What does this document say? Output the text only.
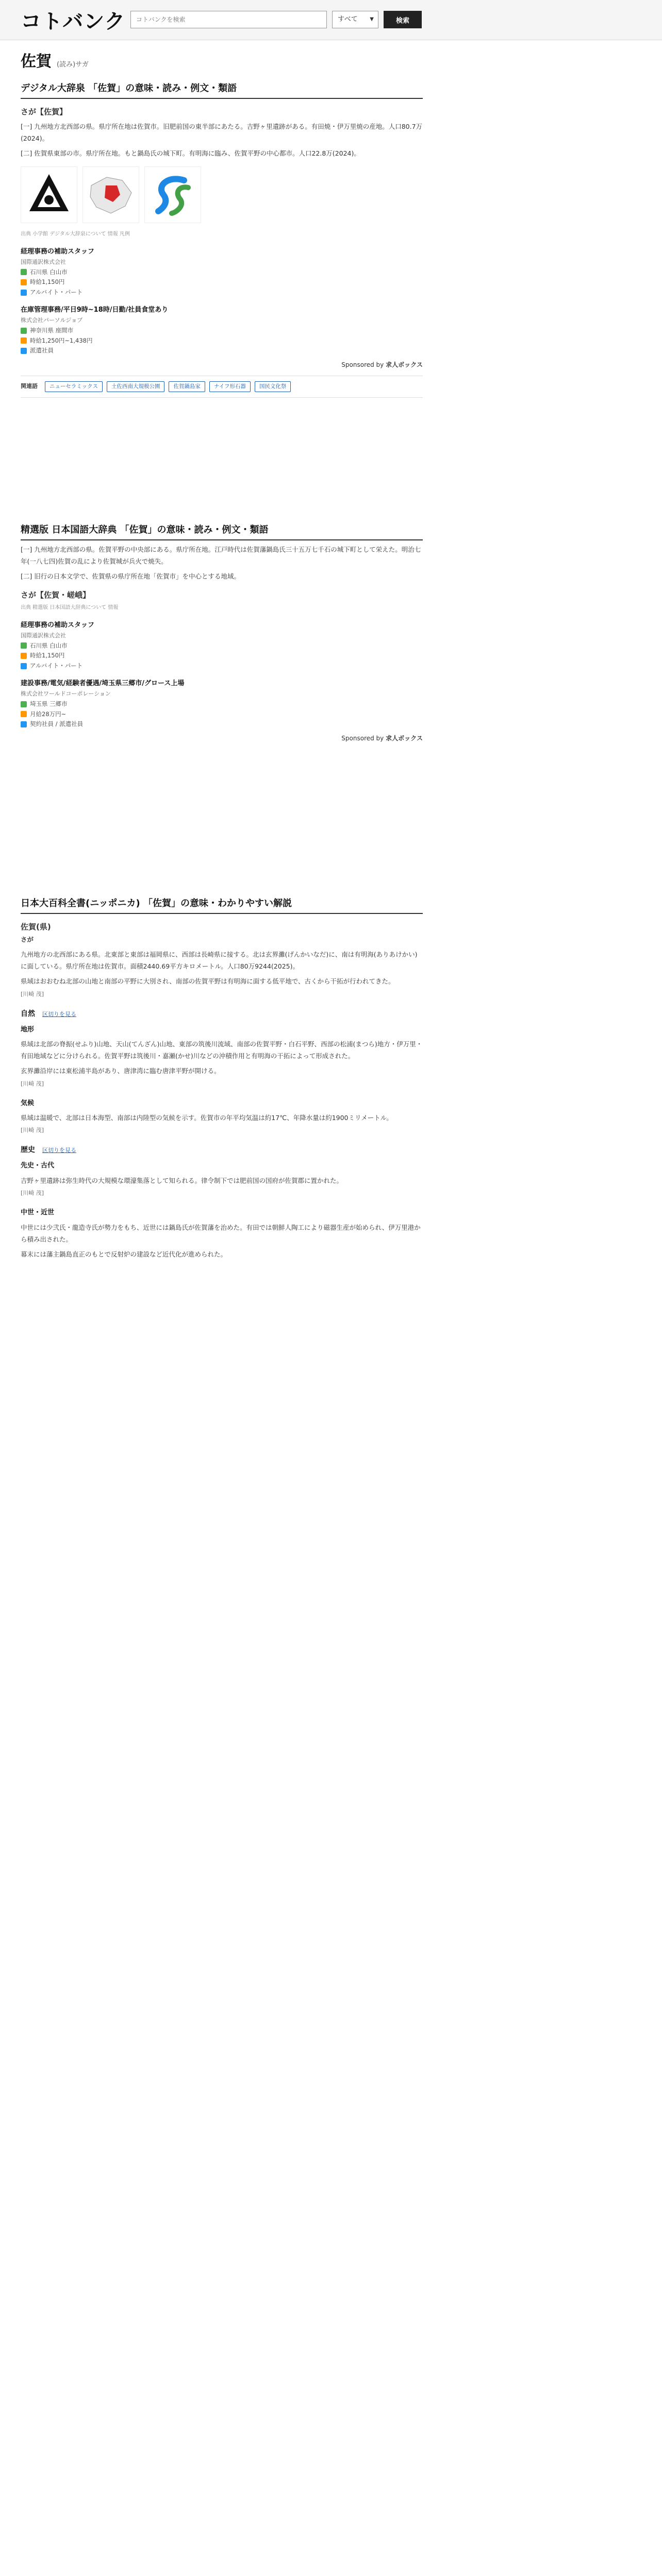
コトバンク
コトバンクを検索	すべて ▼	検索
佐賀 (読み)サガ
デジタル大辞泉 「佐賀」の意味・読み・例文・類語
さが【佐賀】
[一] 九州地方北西部の県。県庁所在地は佐賀市。旧肥前国の東半部にあたる。吉野ヶ里遺跡がある。有田焼・伊万里焼の産地。人口80.7万(2024)。
[二] 佐賀県東部の市。県庁所在地。もと鍋島氏の城下町。有明海に臨み、佐賀平野の中心都市。人口22.8万(2024)。
出典 小学館 デジタル大辞泉について 情報 凡例
経理事務の補助スタッフ
国際通訳株式会社
石川県 白山市
時給1,150円
アルバイト・パート
在庫管理事務/平日9時~18時/日勤/社員食堂あり
株式会社パーソルジョブ
神奈川県 座間市
時給1,250円~1,438円
派遣社員
Sponsored by 求人ボックス
関連語	ニューセラミックス	土佐西南大規模公園	佐賀鍋島家	ナイフ形石器	国民文化祭
精選版 日本国語大辞典 「佐賀」の意味・読み・例文・類語
[一] 九州地方北西部の県。佐賀平野の中央部にある。県庁所在地。江戸時代は佐賀藩鍋島氏三十五万七千石の城下町として栄えた。明治七年(一八七四)佐賀の乱により佐賀城が兵火で焼失。
[二] 旧行の日本文学で、佐賀県の県庁所在地「佐賀市」を中心とする地域。
さが【佐賀・嵯峨】
出典 精選版 日本国語大辞典について 情報
経理事務の補助スタッフ
国際通訳株式会社
石川県 白山市
時給1,150円
アルバイト・パート
建設事務/電気/経験者優遇/埼玉県三郷市/グロース上場
株式会社ワールドコーポレーション
埼玉県 三郷市
月給28万円~
契約社員 / 派遣社員
Sponsored by 求人ボックス
日本大百科全書(ニッポニカ) 「佐賀」の意味・わかりやすい解説
佐賀(県)
さが
九州地方の北西部にある県。北東部と東部は福岡県に、西部は長崎県に接する。北は玄界灘(げんかいなだ)に、南は有明海(ありあけかい)に面している。県庁所在地は佐賀市。面積2440.69平方キロメートル。人口80万9244(2025)。
県域はおおむね北部の山地と南部の平野に大別され、南部の佐賀平野は有明海に面する低平地で、古くから干拓が行われてきた。
[川崎 茂]
自然 区切りを見る
地形
県域は北部の脊振(せふり)山地、天山(てんざん)山地、東部の筑後川流域、南部の佐賀平野・白石平野、西部の松浦(まつら)地方・伊万里・有田地域などに分けられる。佐賀平野は筑後川・嘉瀬(かせ)川などの沖積作用と有明海の干拓によって形成された。
玄界灘沿岸には東松浦半島があり、唐津湾に臨む唐津平野が開ける。
[川崎 茂]
気候
県域は温暖で、北部は日本海型、南部は内陸型の気候を示す。佐賀市の年平均気温は約17℃、年降水量は約1900ミリメートル。
[川崎 茂]
歴史 区切りを見る
先史・古代
吉野ヶ里遺跡は弥生時代の大規模な環濠集落として知られる。律令制下では肥前国の国府が佐賀郡に置かれた。
[川崎 茂]
中世・近世
中世には少弐氏・龍造寺氏が勢力をもち、近世には鍋島氏が佐賀藩を治めた。有田では朝鮮人陶工により磁器生産が始められ、伊万里港から積み出された。
幕末には藩主鍋島直正のもとで反射炉の建設など近代化が進められた。
